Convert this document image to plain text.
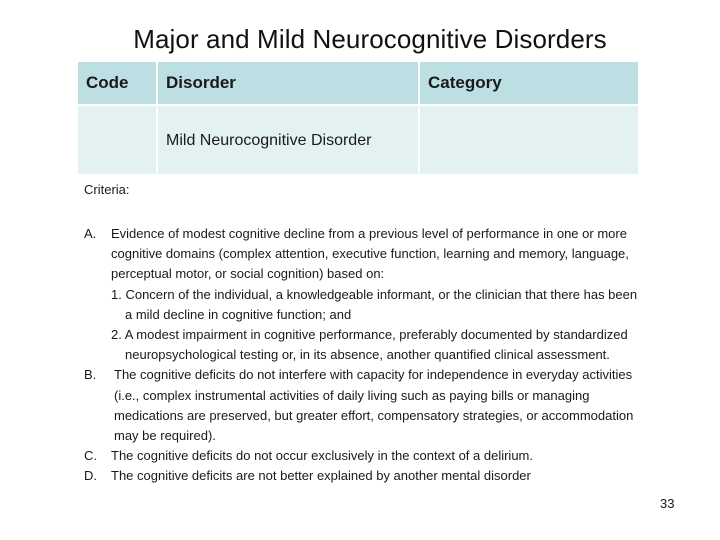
Major and Mild Neurocognitive Disorders
Code	Disorder	Category

	Mild Neurocognitive Disorder	

Criteria:
A.	Evidence of modest cognitive decline from a previous level of performance in one or more cognitive domains (complex attention, executive function, learning and memory, language, perceptual motor, or social cognition) based on:
1. Concern of the individual, a knowledgeable informant, or the clinician that there has been a mild decline in cognitive function; and
2. A modest impairment in cognitive performance, preferably documented by standardized neuropsychological testing or, in its absence, another quantified clinical assessment.
B.	The cognitive deficits do not interfere with capacity for independence in everyday activities (i.e., complex instrumental activities of daily living such as paying bills or managing medications are preserved, but greater effort, compensatory strategies, or accommodation may be required).
C.	The cognitive deficits do not occur exclusively in the context of a delirium.
D.	The cognitive deficits are not better explained by another mental disorder
33
